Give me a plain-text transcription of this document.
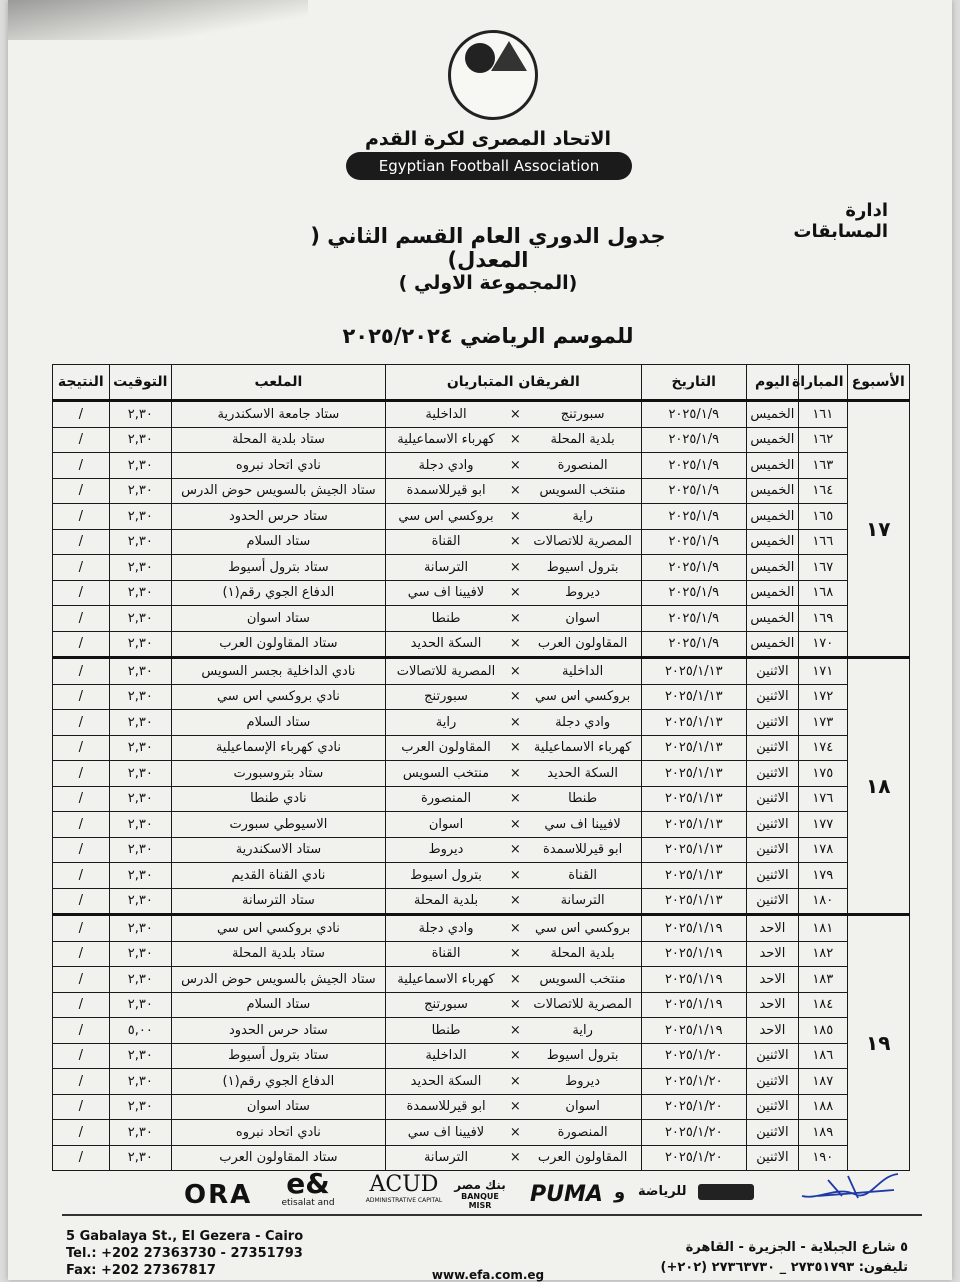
الاتحاد المصرى لكرة القدم
Egyptian Football Association
ادارة المسابقات
جدول الدوري العام القسم الثاني ( المعدل)
( المجموعة الاولي)
للموسم الرياضي ٢٠٢٥/٢٠٢٤
الأسبوع	المباراة	اليوم	التاريخ	الفريقان المتباريان			الملعب	التوقيت	النتيجة
١٧	١٦١	الخميس	٢٠٢٥/١/٩	سبورتنج	×	الداخلية	ستاد جامعة الاسكندرية	٢,٣٠	/
	١٦٢	الخميس	٢٠٢٥/١/٩	بلدية المحلة	×	كهرباء الاسماعيلية	ستاد بلدية المحلة	٢,٣٠	/
	١٦٣	الخميس	٢٠٢٥/١/٩	المنصورة	×	وادي دجلة	نادي اتحاد نبروه	٢,٣٠	/
	١٦٤	الخميس	٢٠٢٥/١/٩	منتخب السويس	×	ابو قيرللاسمدة	ستاد الجيش بالسويس حوض الدرس	٢,٣٠	/
	١٦٥	الخميس	٢٠٢٥/١/٩	راية	×	بروكسي اس سي	ستاد حرس الحدود	٢,٣٠	/
	١٦٦	الخميس	٢٠٢٥/١/٩	المصرية للاتصالات	×	القناة	ستاد السلام	٢,٣٠	/
	١٦٧	الخميس	٢٠٢٥/١/٩	بترول اسيوط	×	الترسانة	ستاد بترول أسيوط	٢,٣٠	/
	١٦٨	الخميس	٢٠٢٥/١/٩	ديروط	×	لافيينا اف سي	الدفاع الجوي رقم(١)	٢,٣٠	/
	١٦٩	الخميس	٢٠٢٥/١/٩	اسوان	×	طنطا	ستاد اسوان	٢,٣٠	/
	١٧٠	الخميس	٢٠٢٥/١/٩	المقاولون العرب	×	السكة الحديد	ستاد المقاولون العرب	٢,٣٠	/
١٨	١٧١	الاثنين	٢٠٢٥/١/١٣	الداخلية	×	المصرية للاتصالات	نادي الداخلية بجسر السويس	٢,٣٠	/
	١٧٢	الاثنين	٢٠٢٥/١/١٣	بروكسي اس سي	×	سبورتنج	نادي بروكسي اس سي	٢,٣٠	/
	١٧٣	الاثنين	٢٠٢٥/١/١٣	وادي دجلة	×	راية	ستاد السلام	٢,٣٠	/
	١٧٤	الاثنين	٢٠٢٥/١/١٣	كهرباء الاسماعيلية	×	المقاولون العرب	نادي كهرباء الإسماعيلية	٢,٣٠	/
	١٧٥	الاثنين	٢٠٢٥/١/١٣	السكة الحديد	×	منتخب السويس	ستاد بتروسبورت	٢,٣٠	/
	١٧٦	الاثنين	٢٠٢٥/١/١٣	طنطا	×	المنصورة	نادي طنطا	٢,٣٠	/
	١٧٧	الاثنين	٢٠٢٥/١/١٣	لافيينا اف سي	×	اسوان	الاسيوطي سبورت	٢,٣٠	/
	١٧٨	الاثنين	٢٠٢٥/١/١٣	ابو قيرللاسمدة	×	ديروط	ستاد الاسكندرية	٢,٣٠	/
	١٧٩	الاثنين	٢٠٢٥/١/١٣	القناة	×	بترول اسيوط	نادي القناة القديم	٢,٣٠	/
	١٨٠	الاثنين	٢٠٢٥/١/١٣	الترسانة	×	بلدية المحلة	ستاد الترسانة	٢,٣٠	/
١٩	١٨١	الاحد	٢٠٢٥/١/١٩	بروكسي اس سي	×	وادي دجلة	نادي بروكسي اس سي	٢,٣٠	/
	١٨٢	الاحد	٢٠٢٥/١/١٩	بلدية المحلة	×	القناة	ستاد بلدية المحلة	٢,٣٠	/
	١٨٣	الاحد	٢٠٢٥/١/١٩	منتخب السويس	×	كهرباء الاسماعيلية	ستاد الجيش بالسويس حوض الدرس	٢,٣٠	/
	١٨٤	الاحد	٢٠٢٥/١/١٩	المصرية للاتصالات	×	سبورتنج	ستاد السلام	٢,٣٠	/
	١٨٥	الاحد	٢٠٢٥/١/١٩	راية	×	طنطا	ستاد حرس الحدود	٥,٠٠	/
	١٨٦	الاثنين	٢٠٢٥/١/٢٠	بترول اسيوط	×	الداخلية	ستاد بترول أسيوط	٢,٣٠	/
	١٨٧	الاثنين	٢٠٢٥/١/٢٠	ديروط	×	السكة الحديد	الدفاع الجوي رقم(١)	٢,٣٠	/
	١٨٨	الاثنين	٢٠٢٥/١/٢٠	اسوان	×	ابو قيرللاسمدة	ستاد اسوان	٢,٣٠	/
	١٨٩	الاثنين	٢٠٢٥/١/٢٠	المنصورة	×	لافيينا اف سي	نادي اتحاد نبروه	٢,٣٠	/
	١٩٠	الاثنين	٢٠٢٥/١/٢٠	المقاولون العرب	×	الترسانة	ستاد المقاولون العرب	٢,٣٠	/
ORA e&
etisalat and
ACUD
ADMINISTRATIVE CAPITAL
بنك مصر
BANQUE MISR	PUMA ﻭ للرياضة
5 Gabalaya St., El Gezera - Cairo
Tel.: +202 27363730 - 27351793
Fax: +202 27367817
٥ شارع الجبلاية - الجزيرة - القاهرة
تليفون: ٢٧٣٥١٧٩٣ _ ٢٧٣٦٣٧٣٠ (٢٠٢+)
www.efa.com.eg
